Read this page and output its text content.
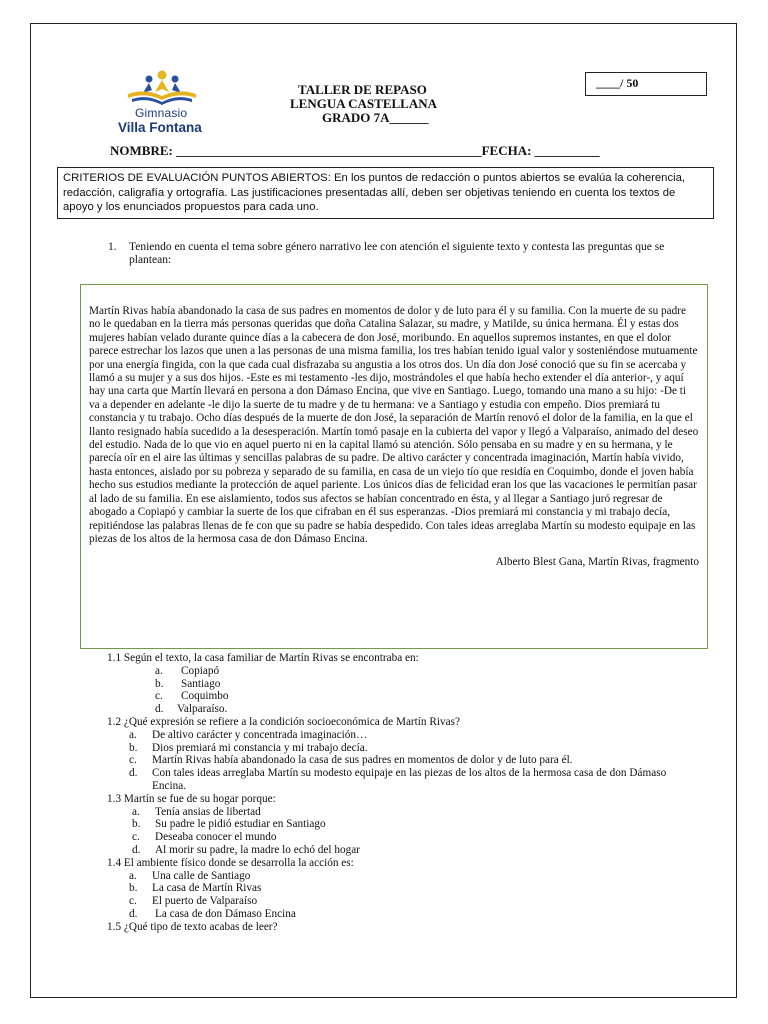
Gimnasio
Villa Fontana
TALLER DE REPASO
LENGUA CASTELLANA
GRADO 7A______
____/ 50
NOMBRE: _______________________________________________FECHA: __________
CRITERIOS DE EVALUACIÓN PUNTOS ABIERTOS: En los puntos de redacción o puntos abiertos se evalúa la coherencia, redacción, caligrafía y ortografía. Las justificaciones presentadas allí, deben ser objetivas teniendo en cuenta los textos de apoyo y los enunciados propuestos para cada uno.
1. Teniendo en cuenta el tema sobre género narrativo lee con atención el siguiente texto y contesta las preguntas que se plantean:
Martín Rivas había abandonado la casa de sus padres en momentos de dolor y de luto para él y su familia. Con la muerte de su padre no le quedaban en la tierra más personas queridas que doña Catalina Salazar, su madre, y Matilde, su única hermana. Él y estas dos mujeres habían velado durante quince días a la cabecera de don José, moribundo. En aquellos supremos instantes, en que el dolor parece estrechar los lazos que unen a las personas de una misma familia, los tres habían tenido igual valor y sosteniéndose mutuamente por una energía fingida, con la que cada cual disfrazaba su angustia a los otros dos. Un día don José conoció que su fin se acercaba y llamó a su mujer y a sus dos hijos. -Este es mi testamento -les dijo, mostrándoles el que había hecho extender el día anterior-, y aquí hay una carta que Martín llevará en persona a don Dámaso Encina, que vive en Santiago. Luego, tomando una mano a su hijo: -De ti va a depender en adelante -le dijo la suerte de tu madre y de tu hermana: ve a Santiago y estudia con empeño. Dios premiará tu constancia y tu trabajo. Ocho días después de la muerte de don José, la separación de Martín renovó el dolor de la familia, en la que el llanto resignado había sucedido a la desesperación. Martín tomó pasaje en la cubierta del vapor y llegó a Valparaíso, animado del deseo del estudio. Nada de lo que vio en aquel puerto ni en la capital llamó su atención. Sólo pensaba en su madre y en su hermana, y le parecía oír en el aire las últimas y sencillas palabras de su padre. De altivo carácter y concentrada imaginación, Martín había vivido, hasta entonces, aislado por su pobreza y separado de su familia, en casa de un viejo tío que residía en Coquimbo, donde el joven había hecho sus estudios mediante la protección de aquel pariente. Los únicos días de felicidad eran los que las vacaciones le permitían pasar al lado de su familia. En ese aislamiento, todos sus afectos se habían concentrado en ésta, y al llegar a Santiago juró regresar de abogado a Copiapó y cambiar la suerte de los que cifraban en él sus esperanzas. -Dios premiará mi constancia y mi trabajo decía, repitiéndose las palabras llenas de fe con que su padre se había despedido. Con tales ideas arreglaba Martín su modesto equipaje en las piezas de los altos de la hermosa casa de don Dámaso Encina.
Alberto Blest Gana, Martín Rivas, fragmento
1.1 Según el texto, la casa familiar de Martín Rivas se encontraba en:
a. Copiapó
b. Santiago
c. Coquimbo
d. Valparaíso.
1.2 ¿Qué expresión se refiere a la condición socioeconómica de Martín Rivas?
a. De altivo carácter y concentrada imaginación…
b. Dios premiará mi constancia y mi trabajo decía.
c. Martín Rivas había abandonado la casa de sus padres en momentos de dolor y de luto para él.
d. Con tales ideas arreglaba Martín su modesto equipaje en las piezas de los altos de la hermosa casa de don Dámaso Encina.
1.3 Martín se fue de su hogar porque:
a. Tenía ansias de libertad
b. Su padre le pidió estudiar en Santiago
c. Deseaba conocer el mundo
d. Al morir su padre, la madre lo echó del hogar
1.4 El ambiente físico donde se desarrolla la acción es:
a. Una calle de Santiago
b. La casa de Martín Rivas
c. El puerto de Valparaíso
d. La casa de don Dámaso Encina
1.5 ¿Qué tipo de texto acabas de leer?
